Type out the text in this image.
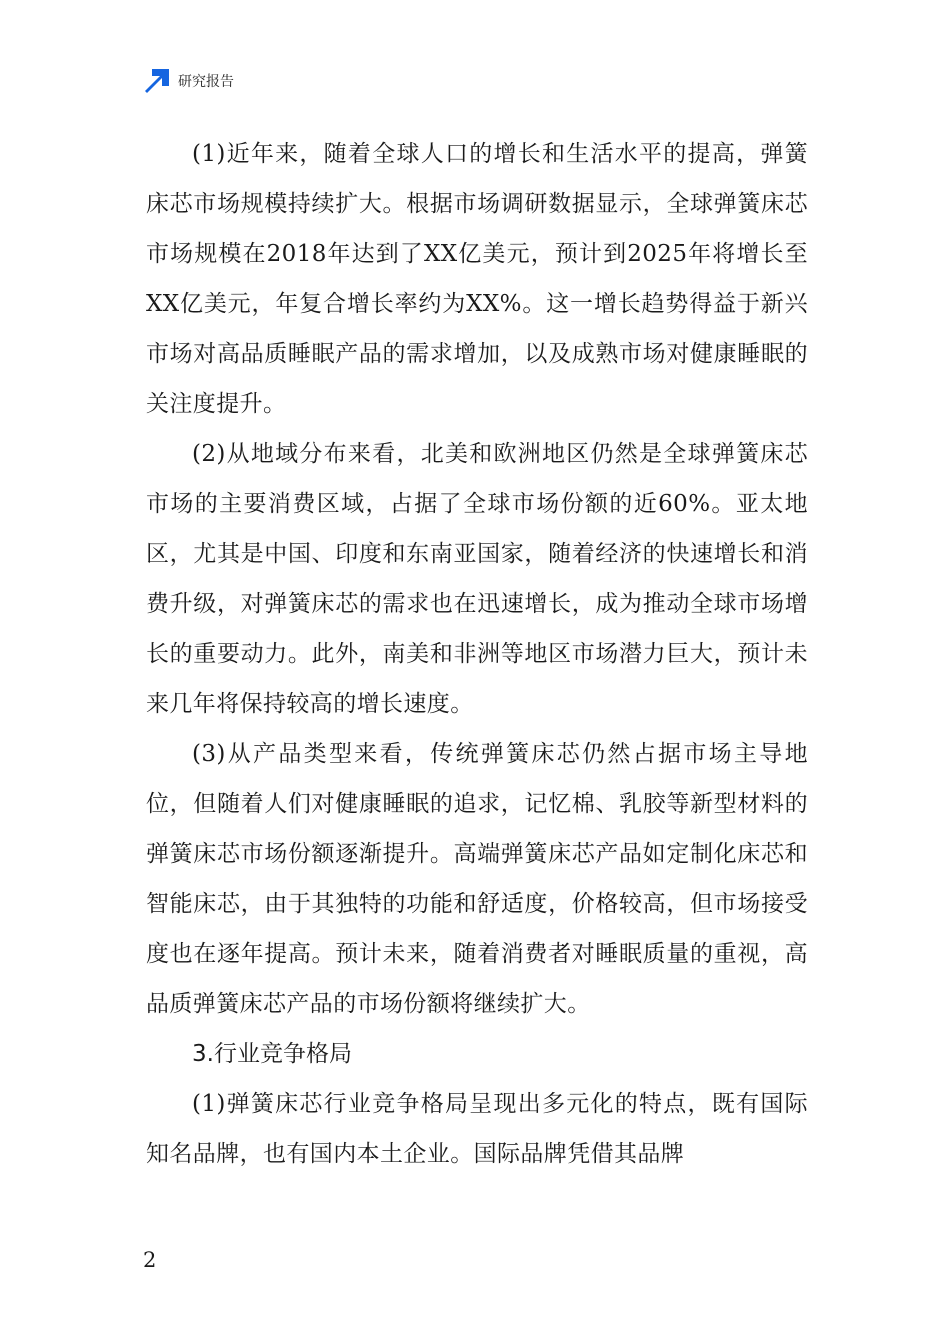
研究报告

(1)近年来，随着全球人口的增长和生活水平的提高，弹簧床芯市场规模持续扩大。根据市场调研数据显示，全球弹簧床芯市场规模在2018年达到了XX亿美元，预计到2025年将增长至XX亿美元，年复合增长率约为XX%。这一增长趋势得益于新兴市场对高品质睡眠产品的需求增加，以及成熟市场对健康睡眠的关注度提升。

(2)从地域分布来看，北美和欧洲地区仍然是全球弹簧床芯市场的主要消费区域，占据了全球市场份额的近60%。亚太地区，尤其是中国、印度和东南亚国家，随着经济的快速增长和消费升级，对弹簧床芯的需求也在迅速增长，成为推动全球市场增长的重要动力。此外，南美和非洲等地区市场潜力巨大，预计未来几年将保持较高的增长速度。

(3)从产品类型来看，传统弹簧床芯仍然占据市场主导地位，但随着人们对健康睡眠的追求，记忆棉、乳胶等新型材料的弹簧床芯市场份额逐渐提升。高端弹簧床芯产品如定制化床芯和智能床芯，由于其独特的功能和舒适度，价格较高，但市场接受度也在逐年提高。预计未来，随着消费者对睡眠质量的重视，高品质弹簧床芯产品的市场份额将继续扩大。

3.行业竞争格局

(1)弹簧床芯行业竞争格局呈现出多元化的特点，既有国际知名品牌，也有国内本土企业。国际品牌凭借其品牌

2
